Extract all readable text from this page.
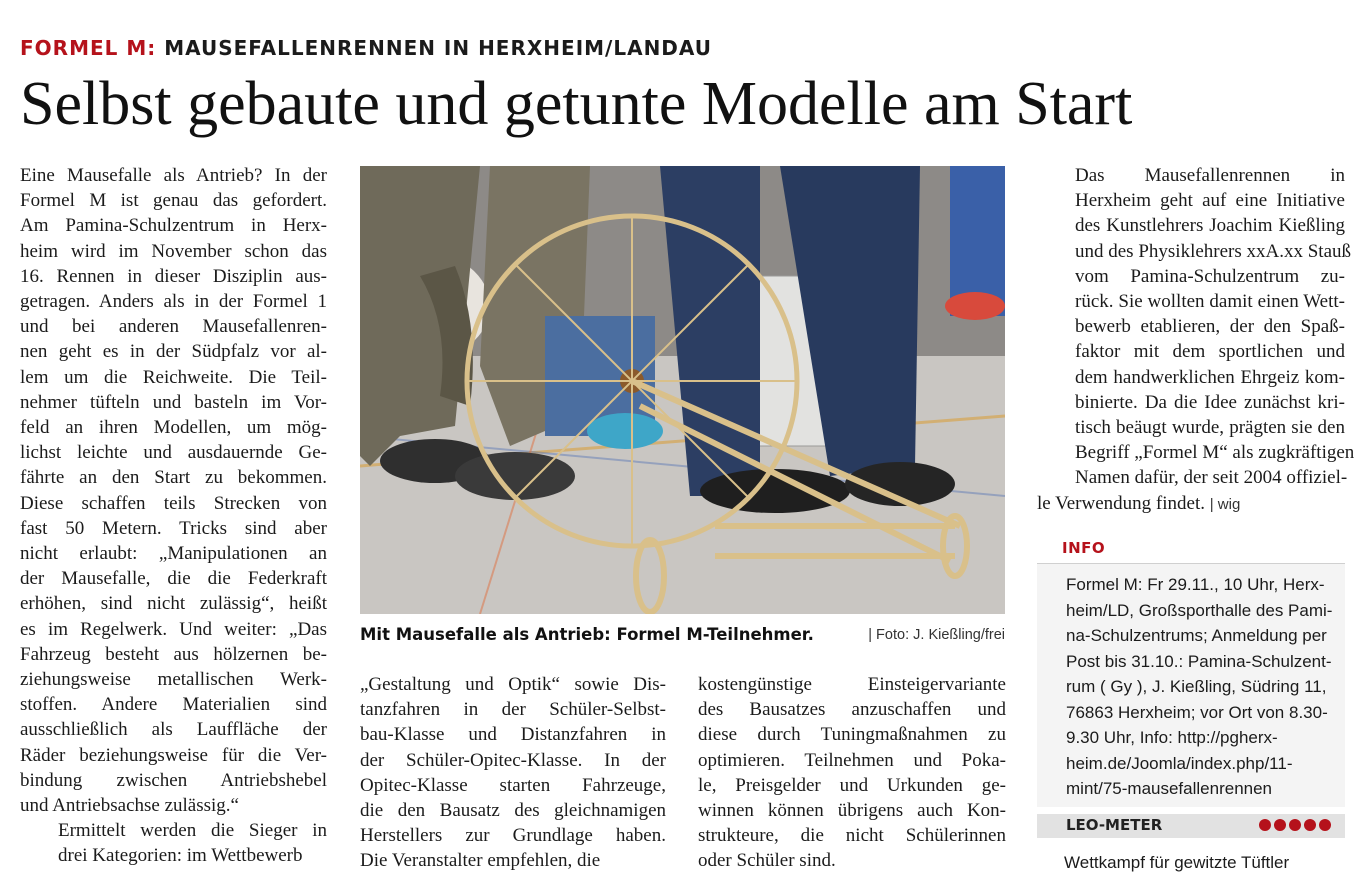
FORMEL M: MAUSEFALLENRENNEN IN HERXHEIM/LANDAU
Selbst gebaute und getunte Modelle am Start

Eine Mausefalle als Antrieb? In der
Formel M ist genau das gefordert.
Am Pamina-Schulzentrum in Herx-
heim wird im November schon das
16. Rennen in dieser Disziplin aus-
getragen. Anders als in der Formel 1
und bei anderen Mausefallenren-
nen geht es in der Südpfalz vor al-
lem um die Reichweite. Die Teil-
nehmer tüfteln und basteln im Vor-
feld an ihren Modellen, um mög-
lichst leichte und ausdauernde Ge-
fährte an den Start zu bekommen.
Diese schaffen teils Strecken von
fast 50 Metern. Tricks sind aber
nicht erlaubt: „Manipulationen an
der Mausefalle, die die Federkraft
erhöhen, sind nicht zulässig“, heißt
es im Regelwerk. Und weiter: „Das
Fahrzeug besteht aus hölzernen be-
ziehungsweise metallischen Werk-
stoffen. Andere Materialien sind
ausschließlich als Lauffläche der
Räder beziehungsweise für die Ver-
bindung zwischen Antriebshebel
und Antriebsachse zulässig.“

Ermittelt werden die Sieger in
drei Kategorien: im Wettbewerb

Mit Mausefalle als Antrieb: Formel M-Teilnehmer.	| Foto: J. Kießling/frei

„Gestaltung und Optik“ sowie Dis-
tanzfahren in der Schüler-Selbst-
bau-Klasse und Distanzfahren in
der Schüler-Opitec-Klasse. In der
Opitec-Klasse starten Fahrzeuge,
die den Bausatz des gleichnamigen
Herstellers zur Grundlage haben.
Die Veranstalter empfehlen, die

kostengünstige Einsteigervariante
des Bausatzes anzuschaffen und
diese durch Tuningmaßnahmen zu
optimieren. Teilnehmen und Poka-
le, Preisgelder und Urkunden ge-
winnen können übrigens auch Kon-
strukteure, die nicht Schülerinnen
oder Schüler sind.

Das Mausefallenrennen in
Herxheim geht auf eine Initiative
des Kunstlehrers Joachim Kießling
und des Physiklehrers xxA.xx Stauß
vom Pamina-Schulzentrum zu-
rück. Sie wollten damit einen Wett-
bewerb etablieren, der den Spaß-
faktor mit dem sportlichen und
dem handwerklichen Ehrgeiz kom-
binierte. Da die Idee zunächst kri-
tisch beäugt wurde, prägten sie den
Begriff „Formel M“ als zugkräftigen
Namen dafür, der seit 2004 offiziel-
le Verwendung findet. | wig

INFO
Formel M: Fr 29.11., 10 Uhr, Herx-
heim/LD, Großsporthalle des Pami-
na-Schulzentrums; Anmeldung per
Post bis 31.10.: Pamina-Schulzent-
rum ( Gy ), J. Kießling, Südring 11,
76863 Herxheim; vor Ort von 8.30-
9.30 Uhr, Info: http://pgherx-
heim.de/Joomla/index.php/11-
mint/75-mausefallenrennen
LEO-METER
Wettkampf für gewitzte Tüftler
